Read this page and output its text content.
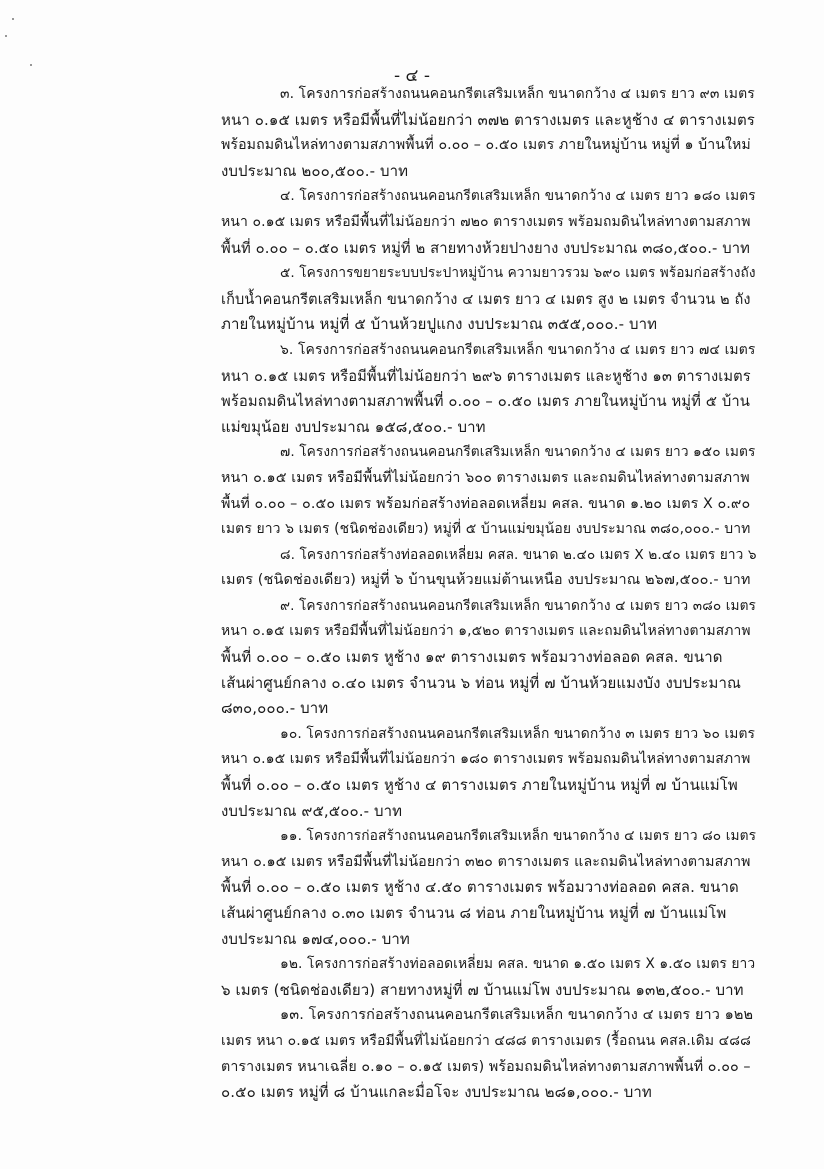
- ๔ -
๓. โครงการก่อสร้างถนนคอนกรีตเสริมเหล็ก ขนาดกว้าง ๔ เมตร ยาว ๙๓ เมตร
หนา ๐.๑๕ เมตร หรือมีพื้นที่ไม่น้อยกว่า ๓๗๒ ตารางเมตร และหูช้าง ๔ ตารางเมตร
พร้อมถมดินไหล่ทางตามสภาพพื้นที่ ๐.๐๐ – ๐.๕๐ เมตร ภายในหมู่บ้าน หมู่ที่ ๑ บ้านใหม่
งบประมาณ ๒๐๐,๕๐๐.- บาท
๔. โครงการก่อสร้างถนนคอนกรีตเสริมเหล็ก ขนาดกว้าง ๔ เมตร ยาว ๑๘๐ เมตร
หนา ๐.๑๕ เมตร หรือมีพื้นที่ไม่น้อยกว่า ๗๒๐ ตารางเมตร พร้อมถมดินไหล่ทางตามสภาพ
พื้นที่ ๐.๐๐ – ๐.๕๐ เมตร หมู่ที่ ๒ สายทางห้วยปางยาง งบประมาณ ๓๘๐,๕๐๐.- บาท
๕. โครงการขยายระบบประปาหมู่บ้าน ความยาวรวม ๖๙๐ เมตร พร้อมก่อสร้างถัง
เก็บน้ำคอนกรีตเสริมเหล็ก ขนาดกว้าง ๔ เมตร ยาว ๔ เมตร สูง ๒ เมตร จำนวน ๒ ถัง
ภายในหมู่บ้าน หมู่ที่ ๕ บ้านห้วยปูแกง งบประมาณ ๓๕๕,๐๐๐.- บาท
๖. โครงการก่อสร้างถนนคอนกรีตเสริมเหล็ก ขนาดกว้าง ๔ เมตร ยาว ๗๔ เมตร
หนา ๐.๑๕ เมตร หรือมีพื้นที่ไม่น้อยกว่า ๒๙๖ ตารางเมตร และหูช้าง ๑๓ ตารางเมตร
พร้อมถมดินไหล่ทางตามสภาพพื้นที่ ๐.๐๐ – ๐.๕๐ เมตร ภายในหมู่บ้าน หมู่ที่ ๕ บ้าน
แม่ขมุน้อย งบประมาณ ๑๕๘,๕๐๐.- บาท
๗. โครงการก่อสร้างถนนคอนกรีตเสริมเหล็ก ขนาดกว้าง ๔ เมตร ยาว ๑๕๐ เมตร
หนา ๐.๑๕ เมตร หรือมีพื้นที่ไม่น้อยกว่า ๖๐๐ ตารางเมตร และถมดินไหล่ทางตามสภาพ
พื้นที่ ๐.๐๐ – ๐.๕๐ เมตร พร้อมก่อสร้างท่อลอดเหลี่ยม คสล. ขนาด ๑.๒๐ เมตร X ๐.๙๐
เมตร ยาว ๖ เมตร (ชนิดช่องเดียว) หมู่ที่ ๕ บ้านแม่ขมุน้อย งบประมาณ ๓๘๐,๐๐๐.- บาท
๘. โครงการก่อสร้างท่อลอดเหลี่ยม คสล. ขนาด ๒.๔๐ เมตร X ๒.๔๐ เมตร ยาว ๖
เมตร (ชนิดช่องเดียว) หมู่ที่ ๖ บ้านขุนห้วยแม่ต้านเหนือ งบประมาณ ๒๖๗,๕๐๐.- บาท
๙. โครงการก่อสร้างถนนคอนกรีตเสริมเหล็ก ขนาดกว้าง ๔ เมตร ยาว ๓๘๐ เมตร
หนา ๐.๑๕ เมตร หรือมีพื้นที่ไม่น้อยกว่า ๑,๕๒๐ ตารางเมตร และถมดินไหล่ทางตามสภาพ
พื้นที่ ๐.๐๐ – ๐.๕๐ เมตร หูช้าง ๑๙ ตารางเมตร พร้อมวางท่อลอด คสล. ขนาด
เส้นผ่าศูนย์กลาง ๐.๔๐ เมตร จำนวน ๖ ท่อน หมู่ที่ ๗ บ้านห้วยแมงบัง งบประมาณ
๘๓๐,๐๐๐.- บาท
๑๐. โครงการก่อสร้างถนนคอนกรีตเสริมเหล็ก ขนาดกว้าง ๓ เมตร ยาว ๖๐ เมตร
หนา ๐.๑๕ เมตร หรือมีพื้นที่ไม่น้อยกว่า ๑๘๐ ตารางเมตร พร้อมถมดินไหล่ทางตามสภาพ
พื้นที่ ๐.๐๐ – ๐.๕๐ เมตร หูช้าง ๔ ตารางเมตร ภายในหมู่บ้าน หมู่ที่ ๗ บ้านแม่โพ
งบประมาณ ๙๕,๕๐๐.- บาท
๑๑. โครงการก่อสร้างถนนคอนกรีตเสริมเหล็ก ขนาดกว้าง ๔ เมตร ยาว ๘๐ เมตร
หนา ๐.๑๕ เมตร หรือมีพื้นที่ไม่น้อยกว่า ๓๒๐ ตารางเมตร และถมดินไหล่ทางตามสภาพ
พื้นที่ ๐.๐๐ – ๐.๕๐ เมตร หูช้าง ๔.๕๐ ตารางเมตร พร้อมวางท่อลอด คสล. ขนาด
เส้นผ่าศูนย์กลาง ๐.๓๐ เมตร จำนวน ๘ ท่อน ภายในหมู่บ้าน หมู่ที่ ๗ บ้านแม่โพ
งบประมาณ ๑๗๔,๐๐๐.- บาท
๑๒. โครงการก่อสร้างท่อลอดเหลี่ยม คสล. ขนาด ๑.๕๐ เมตร X ๑.๕๐ เมตร ยาว
๖ เมตร (ชนิดช่องเดียว) สายทางหมู่ที่ ๗ บ้านแม่โพ งบประมาณ ๑๓๒,๕๐๐.- บาท
๑๓. โครงการก่อสร้างถนนคอนกรีตเสริมเหล็ก ขนาดกว้าง ๔ เมตร ยาว ๑๒๒
เมตร หนา ๐.๑๕ เมตร หรือมีพื้นที่ไม่น้อยกว่า ๔๘๘ ตารางเมตร (รื้อถนน คสล.เดิม ๔๘๘
ตารางเมตร หนาเฉลี่ย ๐.๑๐ – ๐.๑๕ เมตร) พร้อมถมดินไหล่ทางตามสภาพพื้นที่ ๐.๐๐ –
๐.๕๐ เมตร หมู่ที่ ๘ บ้านแกละมื่อโจะ งบประมาณ ๒๘๑,๐๐๐.- บาท
